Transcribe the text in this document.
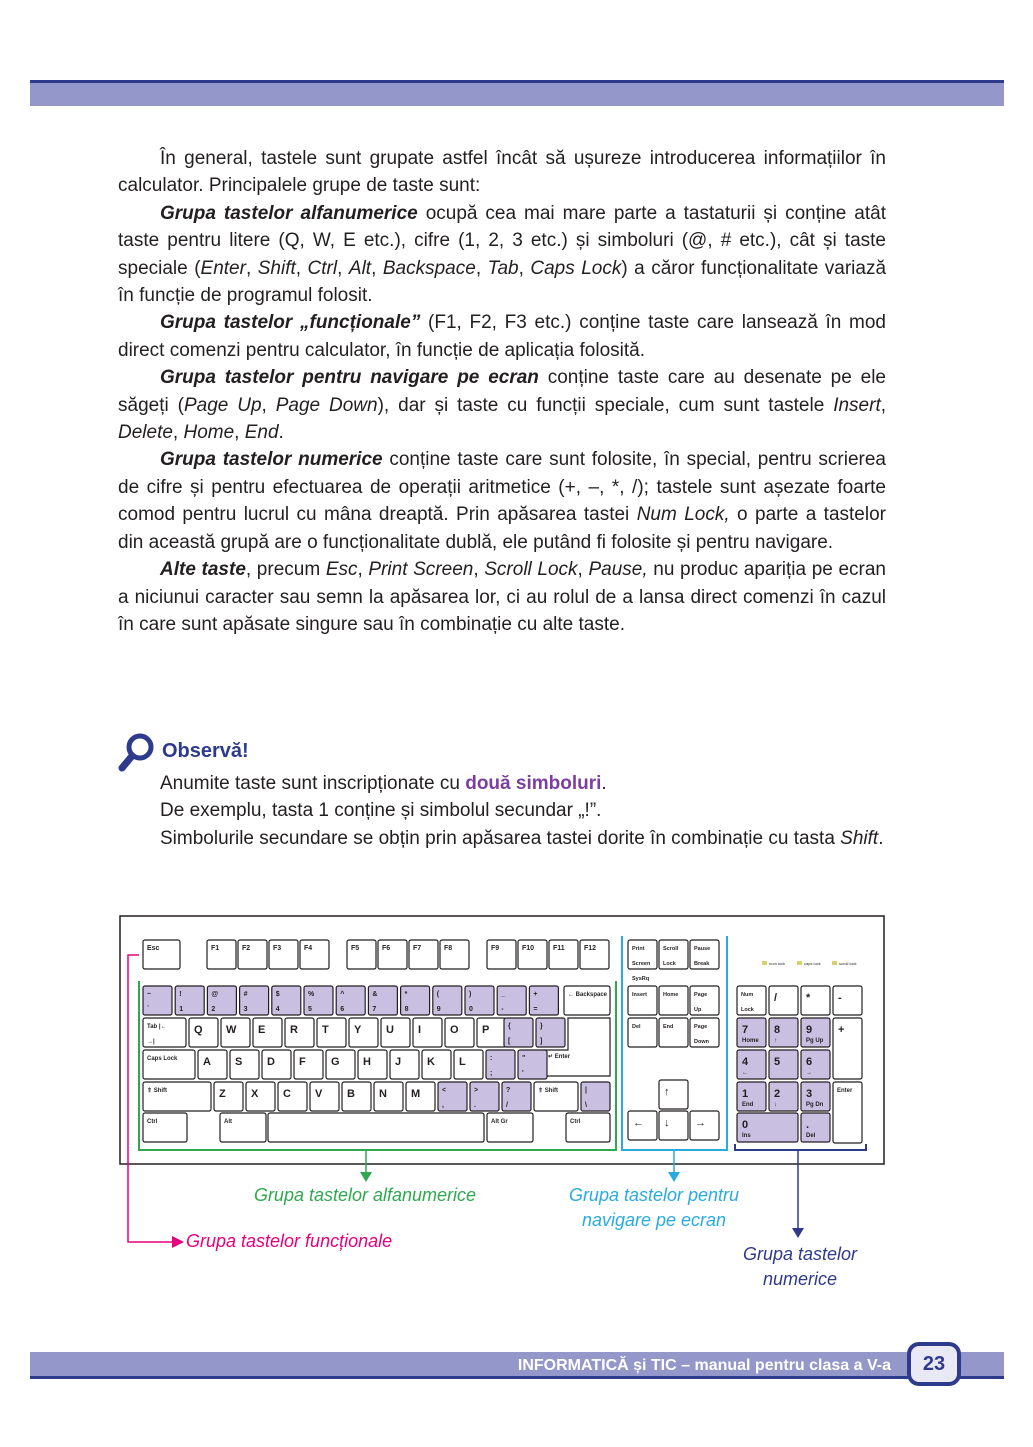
În general, tastele sunt grupate astfel încât să ușureze introducerea informațiilor în calculator. Principalele grupe de taste sunt:

Grupa tastelor alfanumerice ocupă cea mai mare parte a tastaturii și conține atât taste pentru litere (Q, W, E etc.), cifre (1, 2, 3 etc.) și simboluri (@, # etc.), cât și taste speciale (Enter, Shift, Ctrl, Alt, Backspace, Tab, Caps Lock) a căror funcționalitate variază în funcție de programul folosit.

Grupa tastelor „funcționale” (F1, F2, F3 etc.) conține taste care lansează în mod direct comenzi pentru calculator, în funcție de aplicația folosită.

Grupa tastelor pentru navigare pe ecran conține taste care au desenate pe ele săgeți (Page Up, Page Down), dar și taste cu funcții speciale, cum sunt tastele Insert, Delete, Home, End.

Grupa tastelor numerice conține taste care sunt folosite, în special, pentru scrierea de cifre și pentru efectuarea de operații aritmetice (+, –, *, /); tastele sunt așezate foarte comod pentru lucrul cu mâna dreaptă. Prin apăsarea tastei Num Lock, o parte a tastelor din această grupă are o funcționalitate dublă, ele putând fi folosite și pentru navigare.

Alte taste, precum Esc, Print Screen, Scroll Lock, Pause, nu produc apariția pe ecran a niciunui caracter sau semn la apăsarea lor, ci au rolul de a lansa direct comenzi în cazul în care sunt apăsate singure sau în combinație cu alte taste.

Observă!

Anumite taste sunt inscripționate cu două simboluri.

De exemplu, tasta 1 conține și simbolul secundar „!”.

Simbolurile secundare se obțin prin apăsarea tastei dorite în combinație cu tasta Shift.

Esc	F1	F2	F3	F4	F5	F6	F7	F8	F9	F10	F11	F12	Print
Screen
SysRq
Scroll
Lock
Pause
Break	num lock	caps lock	scroll lock
~
`
!
1
@
2
#
3
$
4
%
5
^
6
&
7
*
8
(
9
)
0
_
-
+
=
← Backspace
Tab |←
→|
Q W E R T Y U I	O P	{
[
}
]
↵ Enter
Caps Lock A S D F G H J K L	:
;
"
'
⇑ Shift	Z X C V B N M	<
,
>
.
?
/
⇑ Shift	|
\
Ctrl	Alt	Alt Gr	Ctrl
Insert	Home	Page
Up
Del	End	Page
Down
↑
← ↓ →
Num
Lock
/	*	-
+
7
Home
8
↑
9
Pg Up
4
←
5 6
→
1
End
2
↓
3
Pg Dn
0
Ins
.
Del
Enter
Grupa tastelor alfanumerice	Grupa tastelor pentru
navigare pe ecran
Grupa tastelor funcționale
Grupa tastelor
numerice
INFORMATICĂ și TIC – manual pentru clasa a V-a	23
